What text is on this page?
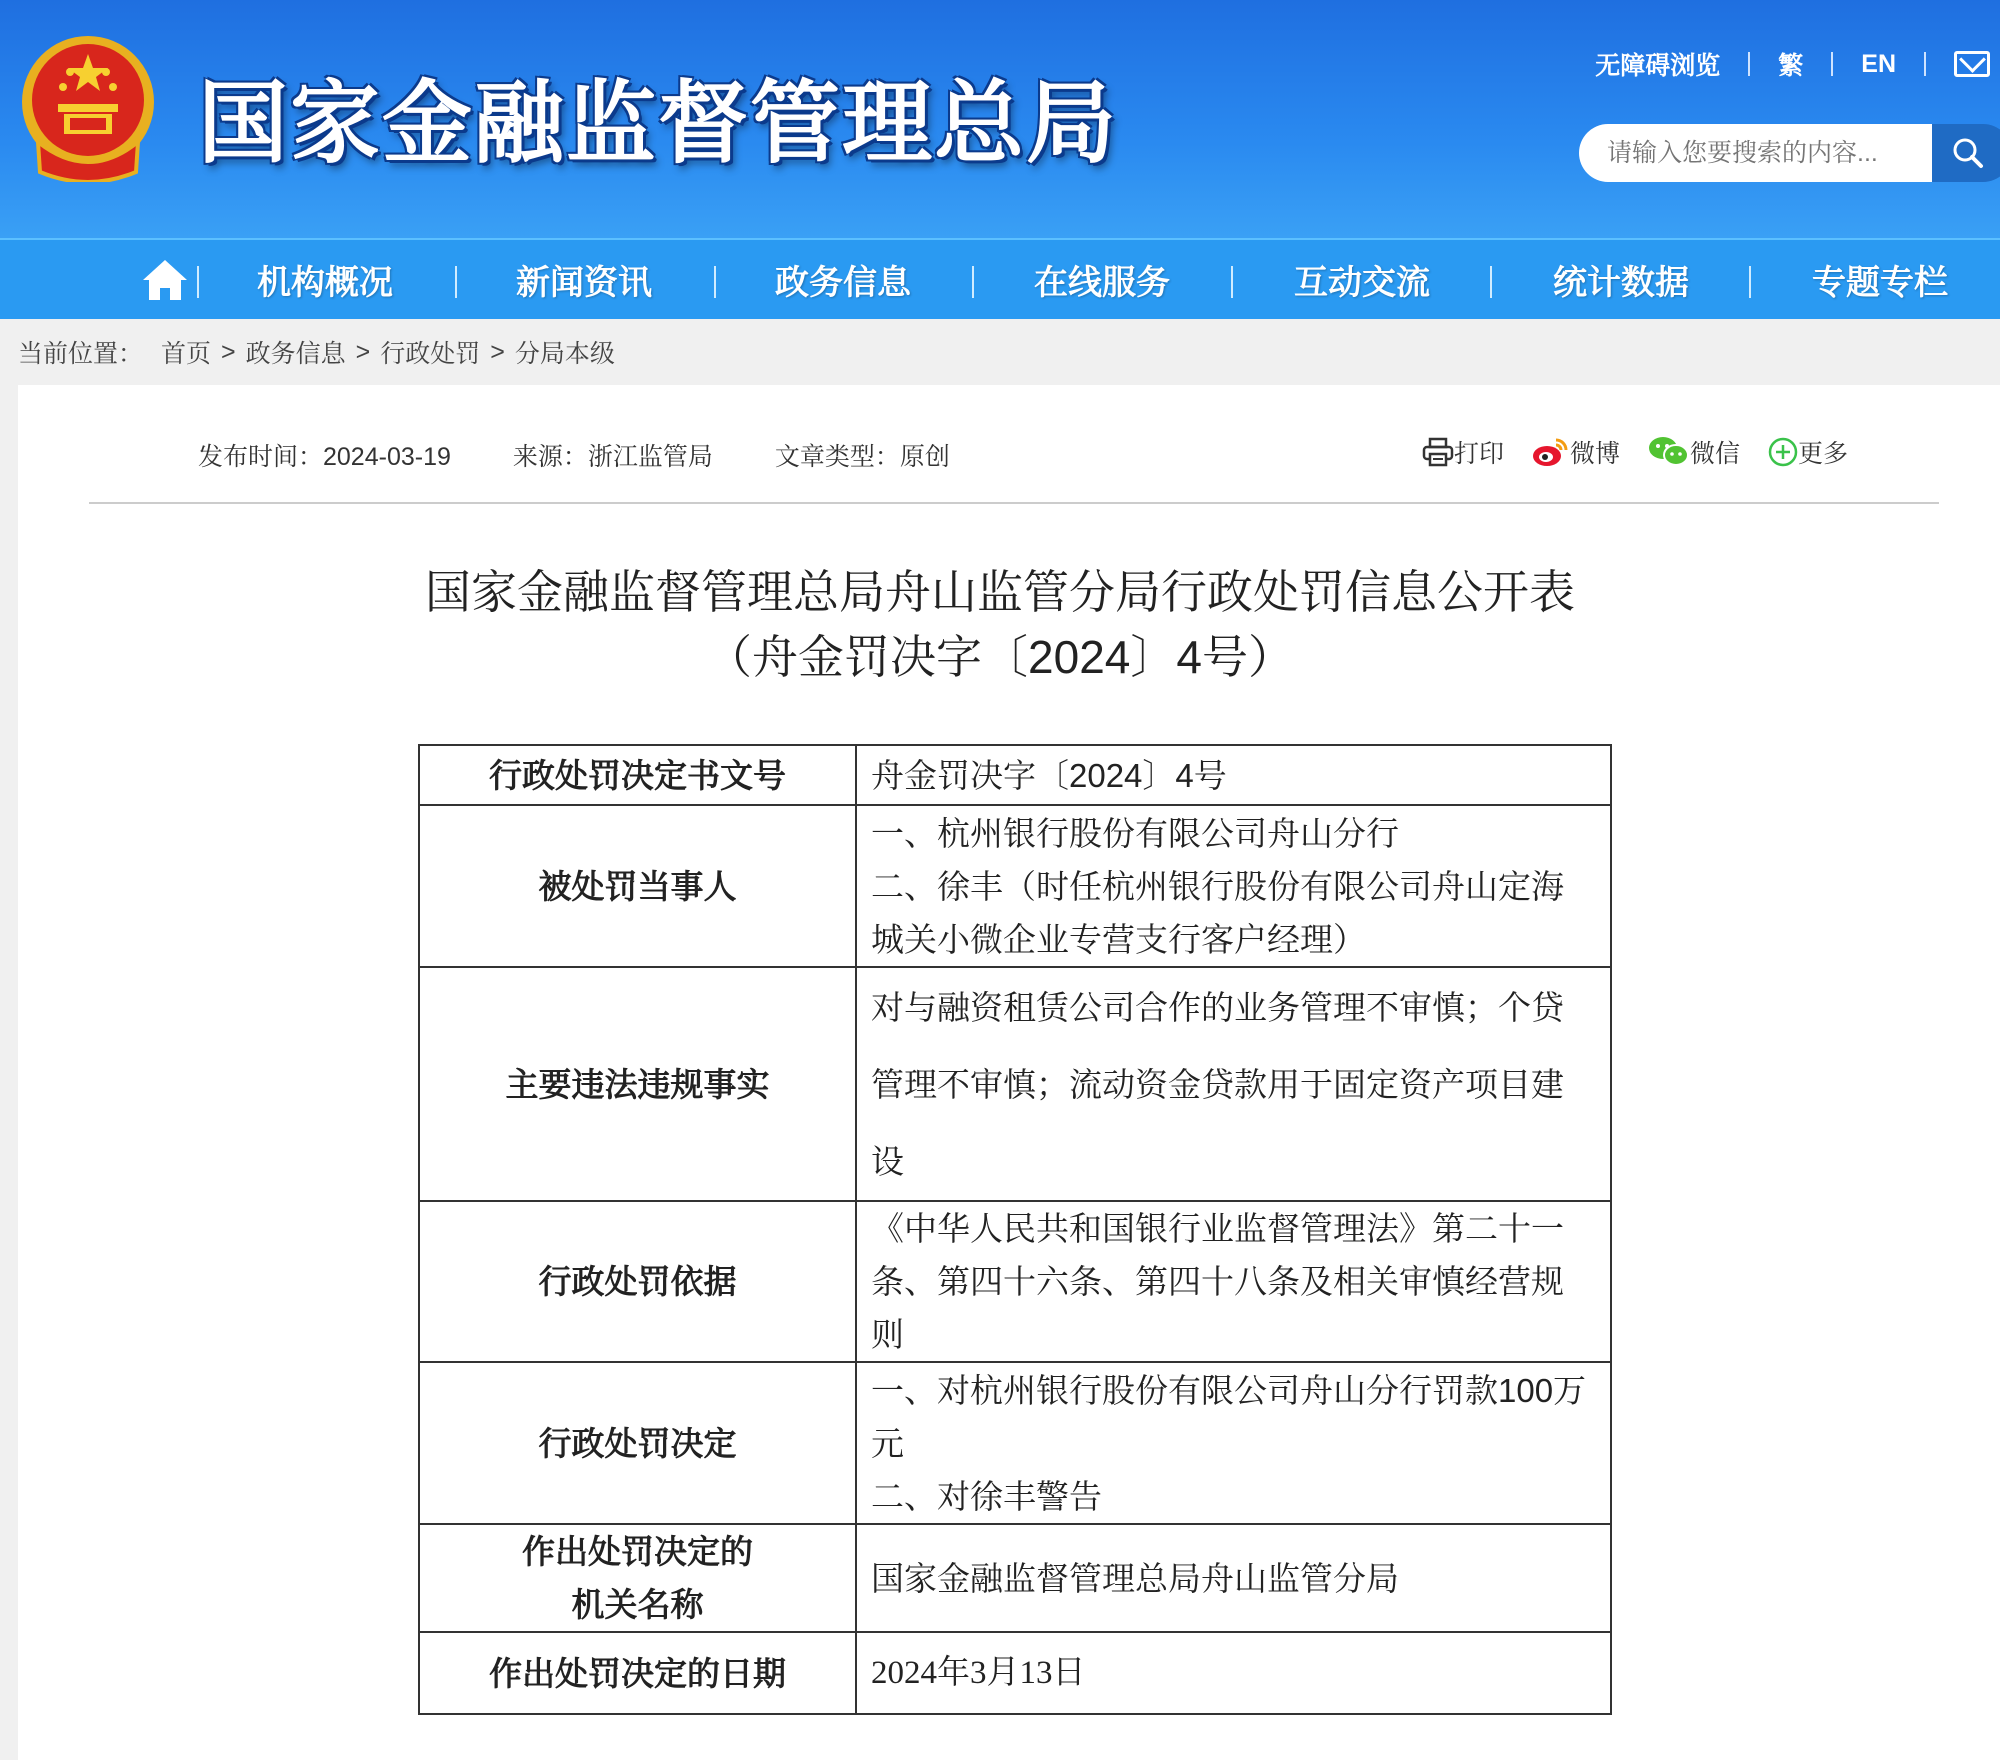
国家金融监督管理总局
无障碍浏览 繁 EN
请输入您要搜索的内容...
机构概况	新闻资讯	政务信息	在线服务	互动交流	统计数据	专题专栏
当前位置： 首页 > 政务信息 > 行政处罚 > 分局本级
发布时间：2024-03-19 来源：浙江监管局 文章类型：原创	打印	微博	微信 更多
国家金融监督管理总局舟山监管分局行政处罚信息公开表
（舟金罚决字〔2024〕4号）
行政处罚决定书文号	舟金罚决字〔2024〕4号

被处罚当事人	一、杭州银行股份有限公司舟山分行
二、徐丰（时任杭州银行股份有限公司舟山定海
城关小微企业专营支行客户经理）

主要违法违规事实	对与融资租赁公司合作的业务管理不审慎；个贷
管理不审慎；流动资金贷款用于固定资产项目建
设

行政处罚依据	《中华人民共和国银行业监督管理法》第二十一
条、第四十六条、第四十八条及相关审慎经营规
则

行政处罚决定	一、对杭州银行股份有限公司舟山分行罚款100万
元
二、对徐丰警告

作出处罚决定的
机关名称	国家金融监督管理总局舟山监管分局

作出处罚决定的日期	2024年3月13日
